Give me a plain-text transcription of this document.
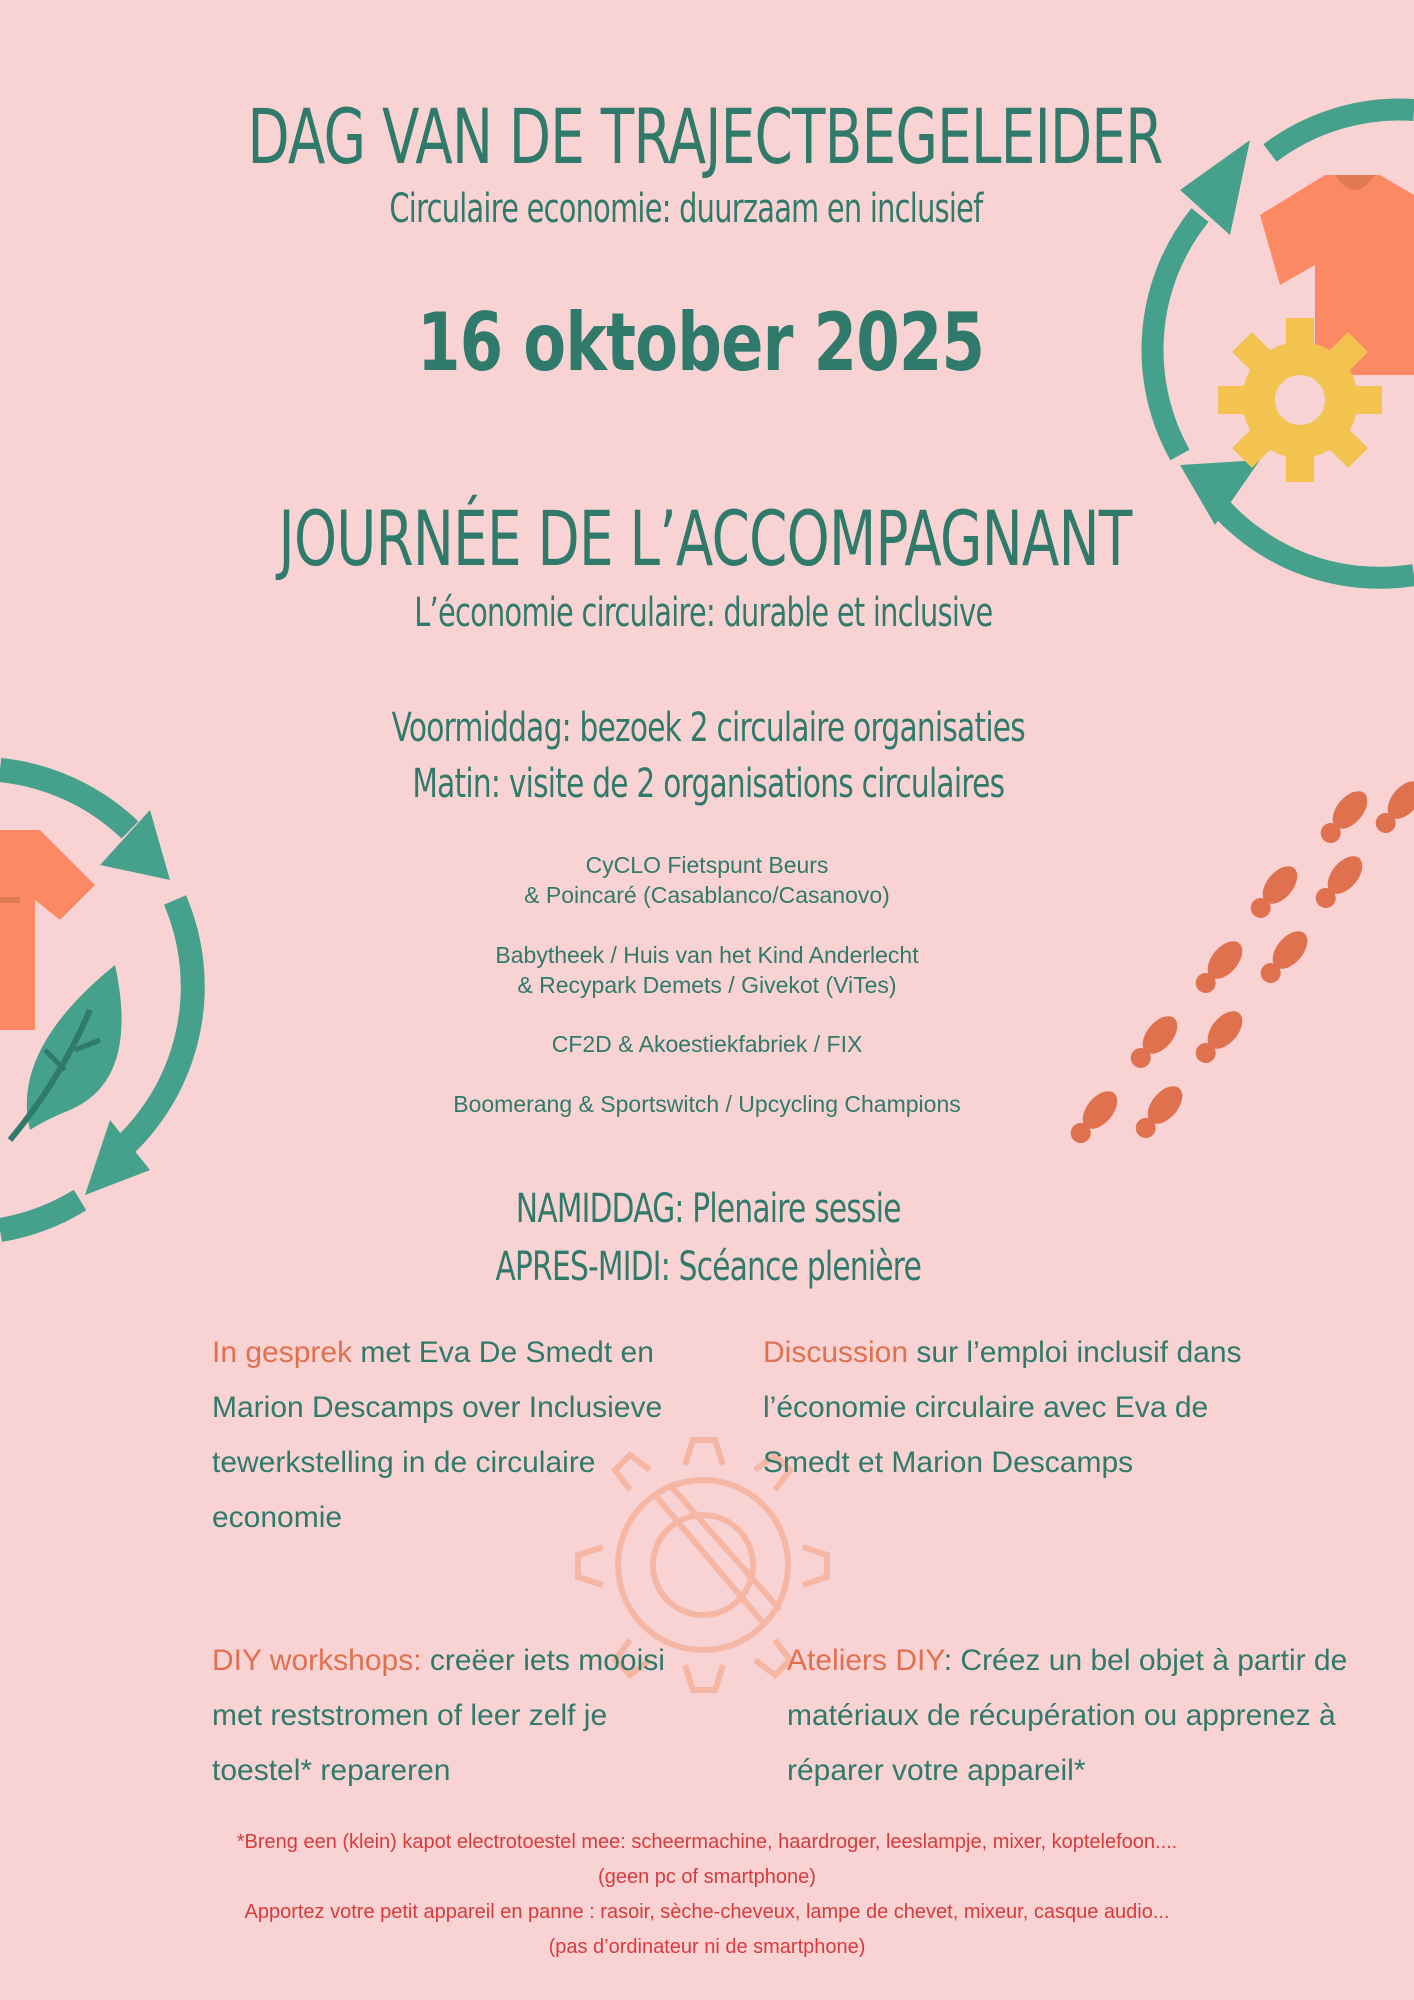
DAG VAN DE TRAJECTBEGELEIDER
Circulaire economie: duurzaam en inclusief
16 oktober 2025
JOURNÉE DE L’ACCOMPAGNANT
L’économie circulaire: durable et inclusive
Voormiddag: bezoek 2 circulaire organisaties
Matin: visite de 2 organisations circulaires
CyCLO Fietspunt Beurs
& Poincaré (Casablanco/Casanovo)
Babytheek / Huis van het Kind Anderlecht
& Recypark Demets / Givekot (ViTes)
CF2D & Akoestiekfabriek / FIX
Boomerang & Sportswitch / Upcycling Champions
NAMIDDAG: Plenaire sessie
APRES-MIDI: Scéance plenière
In gesprek met Eva De Smedt en Marion Descamps over Inclusieve tewerkstelling in de circulaire economie
Discussion sur l’emploi inclusif dans l’économie circulaire avec Eva de Smedt et Marion Descamps
DIY workshops: creëer iets mooisi met reststromen of leer zelf je toestel* repareren
Ateliers DIY: Créez un bel objet à partir de matériaux de récupération ou apprenez à réparer votre appareil*
*Breng een (klein) kapot electrotoestel mee: scheermachine, haardroger, leeslampje, mixer, koptelefoon....
(geen pc of smartphone)
Apportez votre petit appareil en panne : rasoir, sèche-cheveux, lampe de chevet, mixeur, casque audio...
(pas d’ordinateur ni de smartphone)
